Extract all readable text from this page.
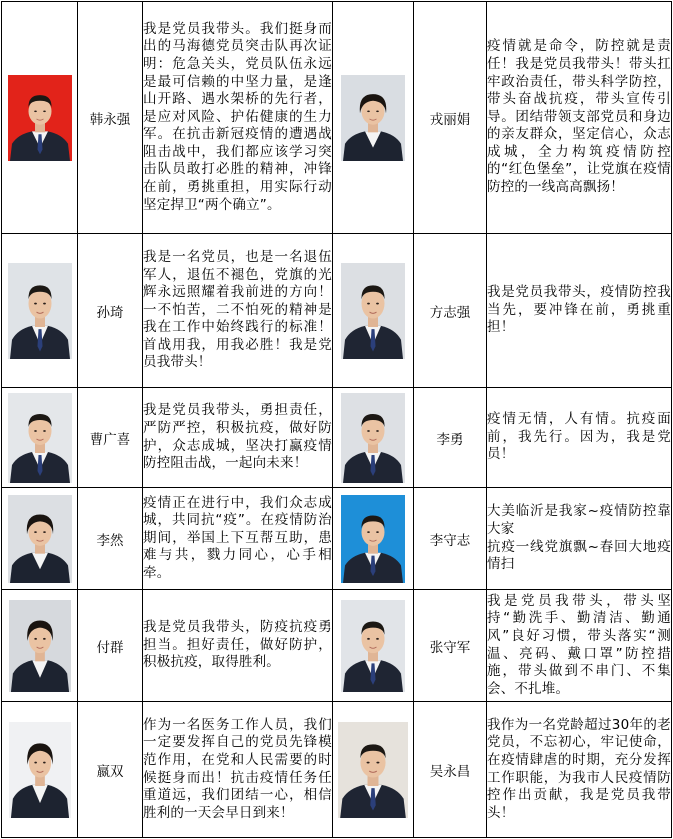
	韩永强	我是党员我带头。我们挺身而出的马海德党员突击队再次证明：危急关头，党员队伍永远是最可信赖的中坚力量，是逢山开路、遇水架桥的先行者，是应对风险、护佑健康的生力军。在抗击新冠疫情的遭遇战阻击战中，我们都应该学习突击队员敢打必胜的精神，冲锋在前，勇挑重担，用实际行动坚定捍卫“两个确立”。		戎丽娟	疫情就是命令，防控就是责任！我是党员我带头！带头扛牢政治责任，带头科学防控，带头奋战抗疫，带头宣传引导。团结带领支部党员和身边的亲友群众，坚定信心，众志成城，全力构筑疫情防控的“红色堡垒”，让党旗在疫情防控的一线高高飘扬！

	孙琦	我是一名党员，也是一名退伍军人，退伍不褪色，党旗的光辉永远照耀着我前进的方向！一不怕苦，二不怕死的精神是我在工作中始终践行的标准！首战用我，用我必胜！我是党员我带头！		方志强	我是党员我带头，疫情防控我当先，要冲锋在前，勇挑重担！

	曹广喜	我是党员我带头，勇担责任，严防严控，积极抗疫，做好防护，众志成城，坚决打赢疫情防控阻击战，一起向未来！		李勇	疫情无情，人有情。抗疫面前，我先行。因为，我是党员！

	李然	疫情正在进行中，我们众志成城，共同抗“疫”。在疫情防治期间，举国上下互帮互助，患难与共，戮力同心，心手相牵。		李守志	大美临沂是我家~疫情防控靠大家
抗疫一线党旗飘~春回大地疫情扫

	付群	我是党员我带头，防疫抗疫勇担当。担好责任，做好防护，积极抗疫，取得胜利。		张守军	我是党员我带头，带头坚持“勤洗手、勤清洁、勤通风”良好习惯，带头落实“测温、亮码、戴口罩”防控措施，带头做到不串门、不集会、不扎堆。

	嬴双	作为一名医务工作人员，我们一定要发挥自己的党员先锋模范作用，在党和人民需要的时候挺身而出！抗击疫情任务任重道远，我们团结一心，相信胜利的一天会早日到来！		吴永昌	我作为一名党龄超过30年的老党员，不忘初心，牢记使命，在疫情肆虐的时期，充分发挥工作职能，为我市人民疫情防控作出贡献，我是党员我带头！
